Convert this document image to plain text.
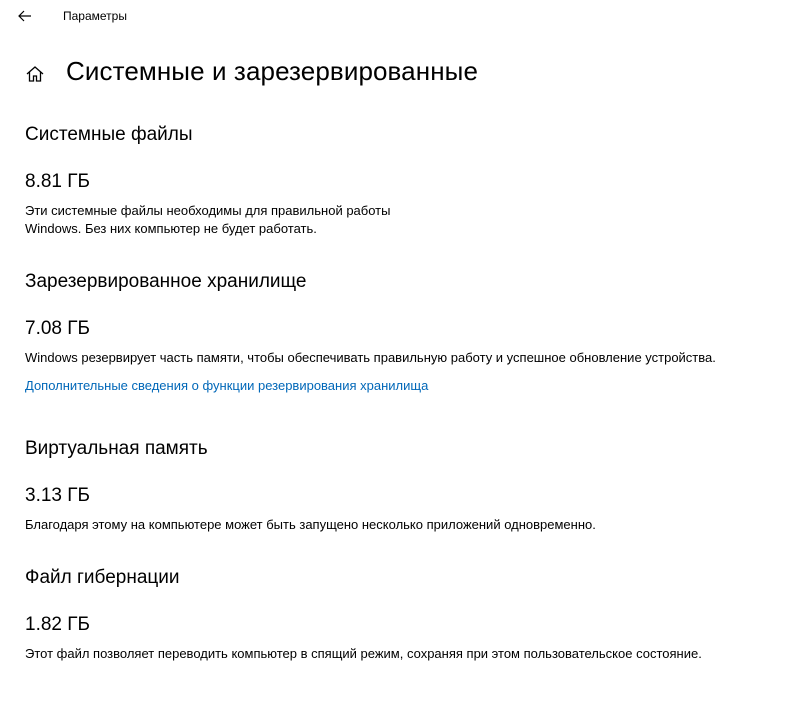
Параметры
Системные и зарезервированные
Системные файлы
8.81 ГБ
Эти системные файлы необходимы для правильной работы
Windows. Без них компьютер не будет работать.
Зарезервированное хранилище
7.08 ГБ
Windows резервирует часть памяти, чтобы обеспечивать правильную работу и успешное обновление устройства.
Дополнительные сведения о функции резервирования хранилища
Виртуальная память
3.13 ГБ
Благодаря этому на компьютере может быть запущено несколько приложений одновременно.
Файл гибернации
1.82 ГБ
Этот файл позволяет переводить компьютер в спящий режим, сохраняя при этом пользовательское состояние.
